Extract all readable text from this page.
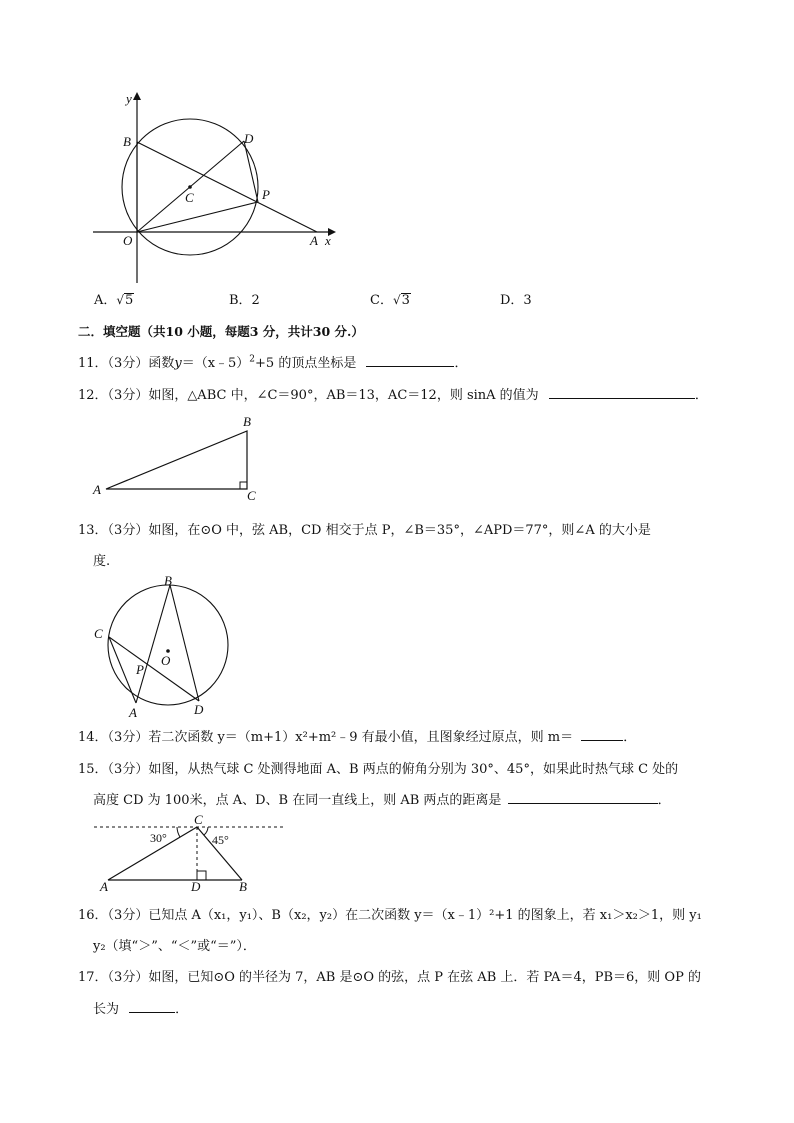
y
B	D
C	P
O	A x
A．√5	B．2	C．√3	D．3
二．填空题（共10 小题，每题3 分，共计30 分.）
11．（3分）函数y＝（x﹣5）$^2$+5 的顶点坐标是	．
12．（3分）如图，△ABC 中，∠C＝90°，AB＝13，AC＝12，则 sinA 的值为	．
A
B
C
13．（3分）如图，在⊙O 中，弦 AB，CD 相交于点 P，∠B＝35°，∠APD＝77°，则∠A 的大小是
度.
B
C
P
O
A	D
14．（3分）若二次函数 y＝（m+1）x²+m²﹣9 有最小值，且图象经过原点，则 m＝	．
15．（3分）如图，从热气球 C 处测得地面 A、B 两点的俯角分别为 30°、45°，如果此时热气球 C 处的
高度 CD 为 100米，点 A、D、B 在同一直线上，则 AB 两点的距离是	．
C
30°	45°
A	D	B
16．（3分）已知点 A（x₁，y₁）、B（x₂，y₂）在二次函数 y＝（x﹣1）²+1 的图象上，若 x₁＞x₂＞1，则 y₁
y₂（填“＞”、“＜”或“＝”）．
17．（3分）如图，已知⊙O 的半径为 7，AB 是⊙O 的弦，点 P 在弦 AB 上．若 PA＝4，PB＝6，则 OP 的
长为	．
